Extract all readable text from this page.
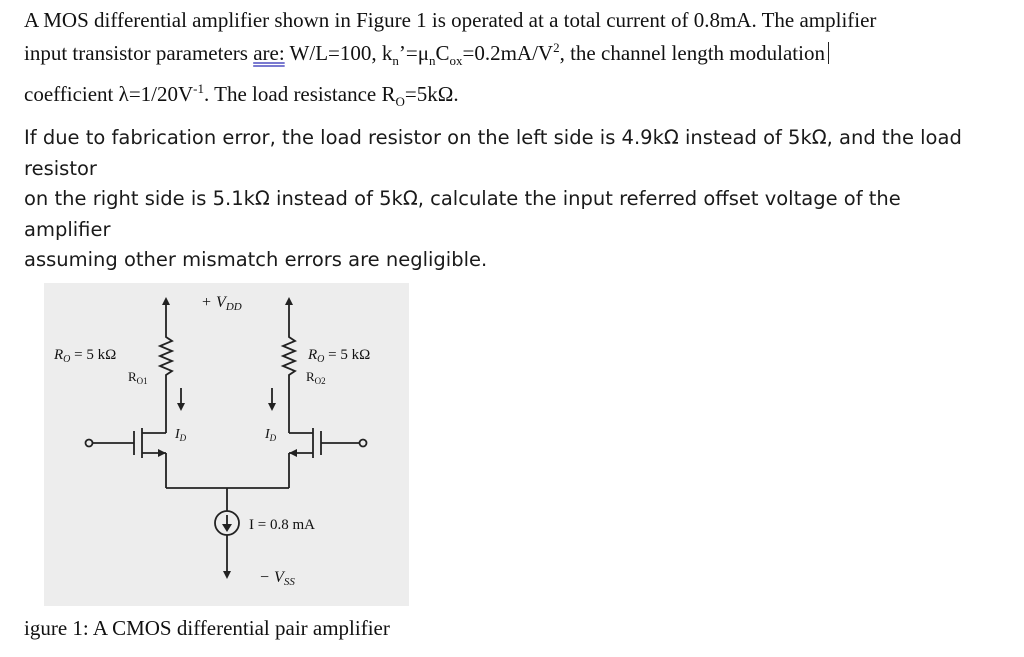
A MOS differential amplifier shown in Figure 1 is operated at a total current of 0.8mA. The amplifier

input transistor parameters are: W/L=100, $k_n’=\mu_nC_{ox}=0.2mA/V^2$, the channel length modulation

coefficient $\lambda=1/20V^{-1}$. The load resistance $R_O=5k\Omega$.

If due to fabrication error, the load resistor on the left side is 4.9kΩ instead of 5kΩ, and the load

resistor

on the right side is 5.1kΩ instead of 5kΩ, calculate the input referred offset voltage of the

amplifier

assuming other mismatch errors are negligible.

+ VDD
$R_O = 5$ kΩ
$R_{O1}$
$R_O = 5$ kΩ
$R_{O2}$
$I_D$	$I_D$
I = 0.8 mA
− VSS
igure 1: A CMOS differential pair amplifier
